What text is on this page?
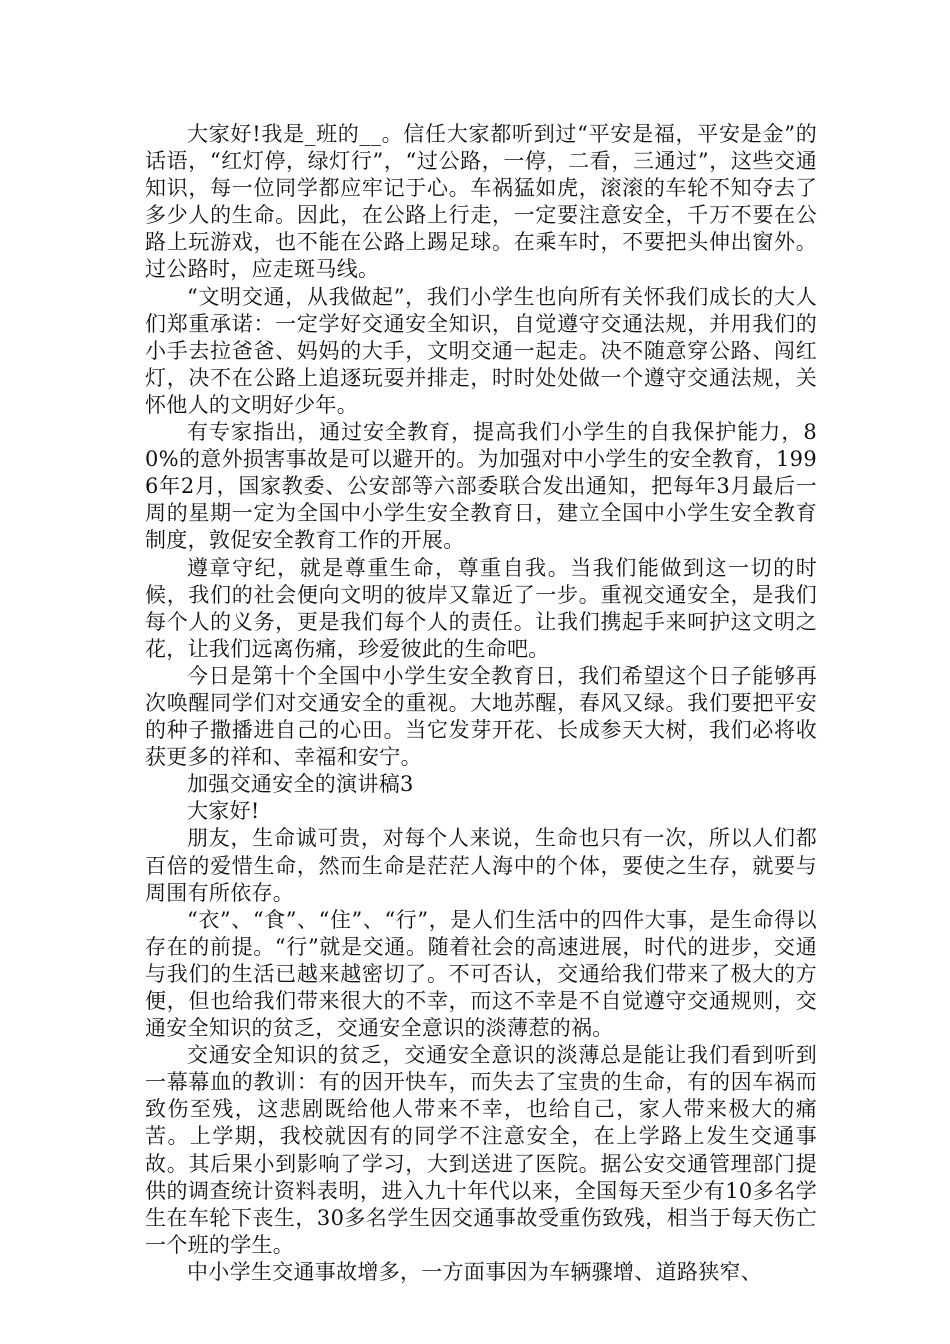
大家好!我是_班的__。信任大家都听到过“平安是福，平安是金”的话语，“红灯停，绿灯行”，“过公路，一停，二看，三通过”，这些交通知识，每一位同学都应牢记于心。车祸猛如虎，滚滚的车轮不知夺去了多少人的生命。因此，在公路上行走，一定要注意安全，千万不要在公路上玩游戏，也不能在公路上踢足球。在乘车时，不要把头伸出窗外。过公路时，应走斑马线。

“文明交通，从我做起”，我们小学生也向所有关怀我们成长的大人们郑重承诺：一定学好交通安全知识，自觉遵守交通法规，并用我们的小手去拉爸爸、妈妈的大手，文明交通一起走。决不随意穿公路、闯红灯，决不在公路上追逐玩耍并排走，时时处处做一个遵守交通法规，关怀他人的文明好少年。

有专家指出，通过安全教育，提高我们小学生的自我保护能力，80%的意外损害事故是可以避开的。为加强对中小学生的安全教育，1996年2月，国家教委、公安部等六部委联合发出通知，把每年3月最后一周的星期一定为全国中小学生安全教育日，建立全国中小学生安全教育制度，敦促安全教育工作的开展。

遵章守纪，就是尊重生命，尊重自我。当我们能做到这一切的时候，我们的社会便向文明的彼岸又靠近了一步。重视交通安全，是我们每个人的义务，更是我们每个人的责任。让我们携起手来呵护这文明之花，让我们远离伤痛，珍爱彼此的生命吧。

今日是第十个全国中小学生安全教育日，我们希望这个日子能够再次唤醒同学们对交通安全的重视。大地苏醒，春风又绿。我们要把平安的种子撒播进自己的心田。当它发芽开花、长成参天大树，我们必将收获更多的祥和、幸福和安宁。

加强交通安全的演讲稿3

大家好!

朋友，生命诚可贵，对每个人来说，生命也只有一次，所以人们都百倍的爱惜生命，然而生命是茫茫人海中的个体，要使之生存，就要与周围有所依存。

“衣”、“食”、“住”、“行”，是人们生活中的四件大事，是生命得以存在的前提。“行”就是交通。随着社会的高速进展，时代的进步，交通与我们的生活已越来越密切了。不可否认，交通给我们带来了极大的方便，但也给我们带来很大的不幸，而这不幸是不自觉遵守交通规则，交通安全知识的贫乏，交通安全意识的淡薄惹的祸。

交通安全知识的贫乏，交通安全意识的淡薄总是能让我们看到听到一幕幕血的教训：有的因开快车，而失去了宝贵的生命，有的因车祸而致伤至残，这悲剧既给他人带来不幸，也给自己，家人带来极大的痛苦。上学期，我校就因有的同学不注意安全，在上学路上发生交通事故。其后果小到影响了学习，大到送进了医院。据公安交通管理部门提供的调查统计资料表明，进入九十年代以来，全国每天至少有10多名学生在车轮下丧生，30多名学生因交通事故受重伤致残，相当于每天伤亡一个班的学生。

中小学生交通事故增多，一方面事因为车辆骤增、道路狭窄、
